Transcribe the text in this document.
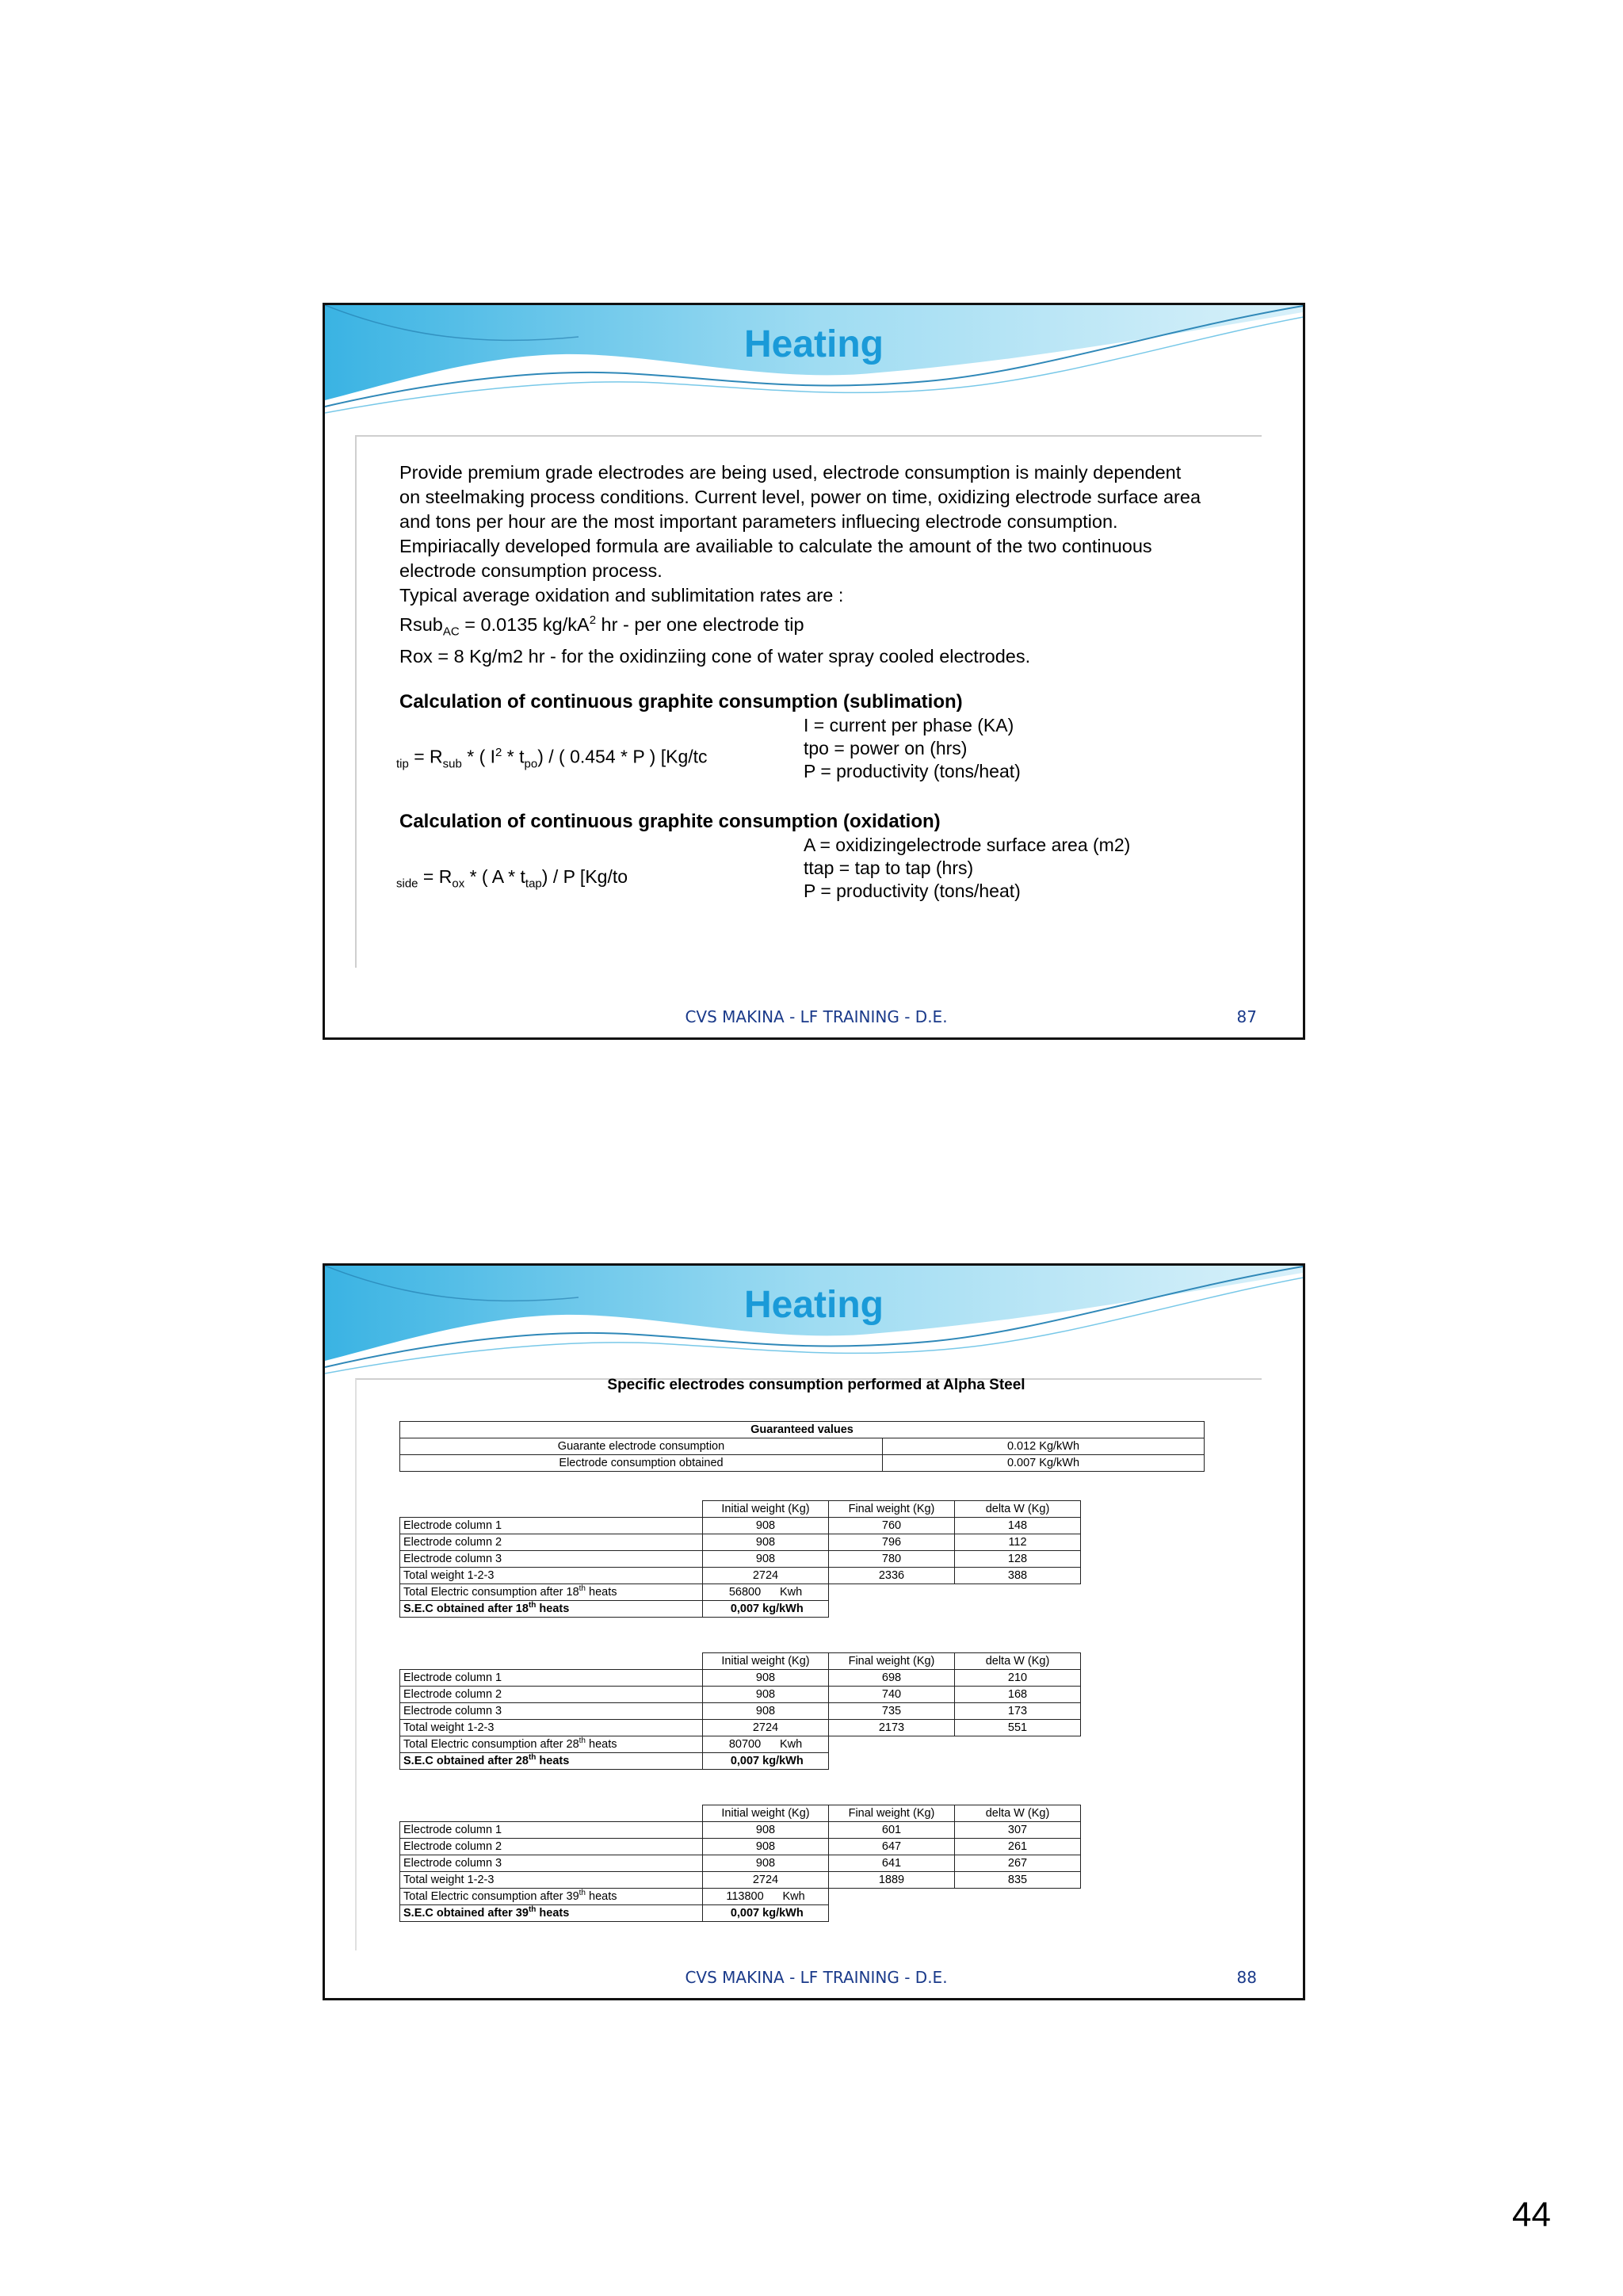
Heating

Provide premium grade electrodes are being used, electrode consumption is mainly dependent

on steelmaking process conditions. Current level, power on time, oxidizing electrode surface area

and tons per hour are the most important parameters influecing electrode consumption.

Empiriacally developed formula are availiable to calculate the amount of the two continuous

electrode consumption process.

Typical average oxidation and sublimitation rates are :

Rsub$_{AC}$ = 0.0135 $kg/kA^2$ hr - per one electrode tip

Rox = 8 Kg/m2 hr - for the oxidinziing cone of water spray cooled electrodes.

Calculation of continuous graphite consumption (sublimation)
$_{tip} = R_{sub}$ * ( $I^2 * t_{po}$) / ( 0.454 * P ) [Kg/tc

I = current per phase (KA)

tpo = power on (hrs)

P = productivity (tons/heat)

Calculation of continuous graphite consumption (oxidation)
$_{side} = R_{ox}$ * ( A * $t_{tap}$) / P [Kg/to

A = oxidizingelectrode surface area (m2)

ttap = tap to tap (hrs)

P = productivity (tons/heat)

CVS MAKINA - LF TRAINING - D.E.	87
Heating
Specific electrodes consumption performed at Alpha Steel
Guaranteed values	
Guarante electrode consumption	0.012 Kg/kWh
Electrode consumption obtained	0.007 Kg/kWh
		Initial weight (Kg)	Final weight (Kg)	delta W (Kg)
Electrode column 1		908	760	148
Electrode column 2		908	796	112
Electrode column 3		908	780	128
Total weight 1-2-3		2724	2336	388
Total Electric consumption after 18th heats		56800 Kwh		
S.E.C obtained after 18th heats		0,007 kg/kWh		
		Initial weight (Kg)	Final weight (Kg)	delta W (Kg)
Electrode column 1		908	698	210
Electrode column 2		908	740	168
Electrode column 3		908	735	173
Total weight 1-2-3		2724	2173	551
Total Electric consumption after 28th heats		80700 Kwh		
S.E.C obtained after 28th heats		0,007 kg/kWh		
		Initial weight (Kg)	Final weight (Kg)	delta W (Kg)
Electrode column 1		908	601	307
Electrode column 2		908	647	261
Electrode column 3		908	641	267
Total weight 1-2-3		2724	1889	835
Total Electric consumption after 39th heats		113800 Kwh		
S.E.C obtained after 39th heats		0,007 kg/kWh		
CVS MAKINA - LF TRAINING - D.E.	88
44
